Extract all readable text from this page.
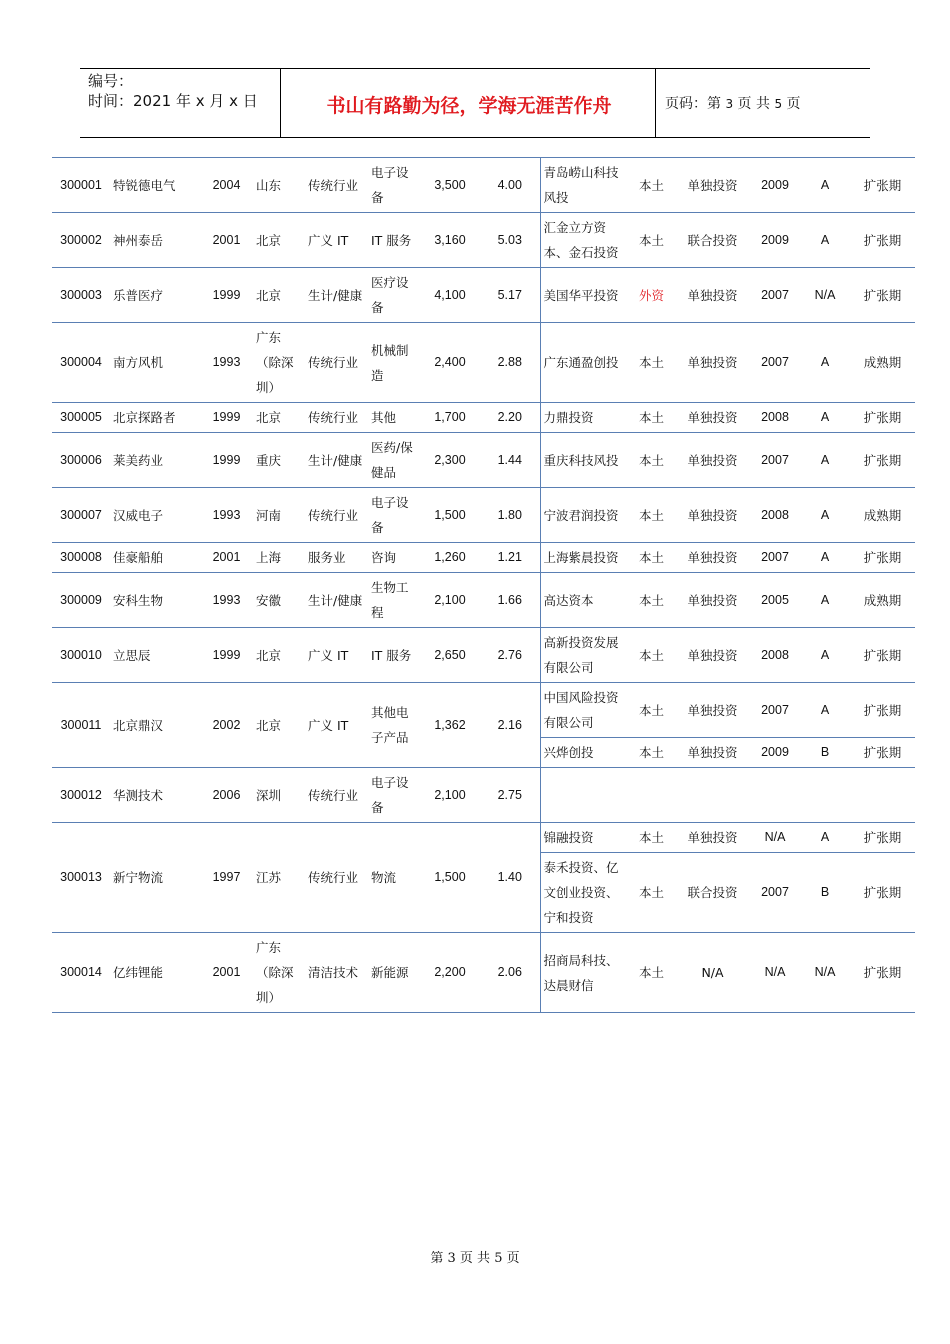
编号：
时间：2021 年 x 月 x 日	书山有路勤为径，学海无涯苦作舟	页码：第 3 页 共 5 页
300001	特锐德电气	2004	山东	传统行业	电子设备	3,500	4.00	青岛崂山科技风投	本土	单独投资	2009	A	扩张期
300002	神州泰岳	2001	北京	广义 IT	IT 服务	3,160	5.03	汇金立方资本、金石投资	本土	联合投资	2009	A	扩张期
300003	乐普医疗	1999	北京	生计/健康	医疗设备	4,100	5.17	美国华平投资	外资	单独投资	2007	N/A	扩张期
300004	南方风机	1993	广东（除深圳）	传统行业	机械制造	2,400	2.88	广东通盈创投	本土	单独投资	2007	A	成熟期
300005	北京探路者	1999	北京	传统行业	其他	1,700	2.20	力鼎投资	本土	单独投资	2008	A	扩张期
300006	莱美药业	1999	重庆	生计/健康	医药/保健品	2,300	1.44	重庆科技风投	本土	单独投资	2007	A	扩张期
300007	汉威电子	1993	河南	传统行业	电子设备	1,500	1.80	宁波君润投资	本土	单独投资	2008	A	成熟期
300008	佳豪船舶	2001	上海	服务业	咨询	1,260	1.21	上海紫晨投资	本土	单独投资	2007	A	扩张期
300009	安科生物	1993	安徽	生计/健康	生物工程	2,100	1.66	高达资本	本土	单独投资	2005	A	成熟期
300010	立思辰	1999	北京	广义 IT	IT 服务	2,650	2.76	高新投资发展有限公司	本土	单独投资	2008	A	扩张期
300011	北京鼎汉	2002	北京	广义 IT	其他电子产品	1,362	2.16	中国风险投资有限公司	本土	单独投资	2007	A	扩张期
								兴烨创投	本土	单独投资	2009	B	扩张期
300012	华测技术	2006	深圳	传统行业	电子设备	2,100	2.75						
300013	新宁物流	1997	江苏	传统行业	物流	1,500	1.40	锦融投资	本土	单独投资	N/A	A	扩张期
								泰禾投资、亿文创业投资、宁和投资	本土	联合投资	2007	B	扩张期
300014	亿纬锂能	2001	广东（除深圳）	清洁技术	新能源	2,200	2.06	招商局科技、达晨财信	本土	N/A	N/A	N/A	扩张期
第 3 页 共 5 页
